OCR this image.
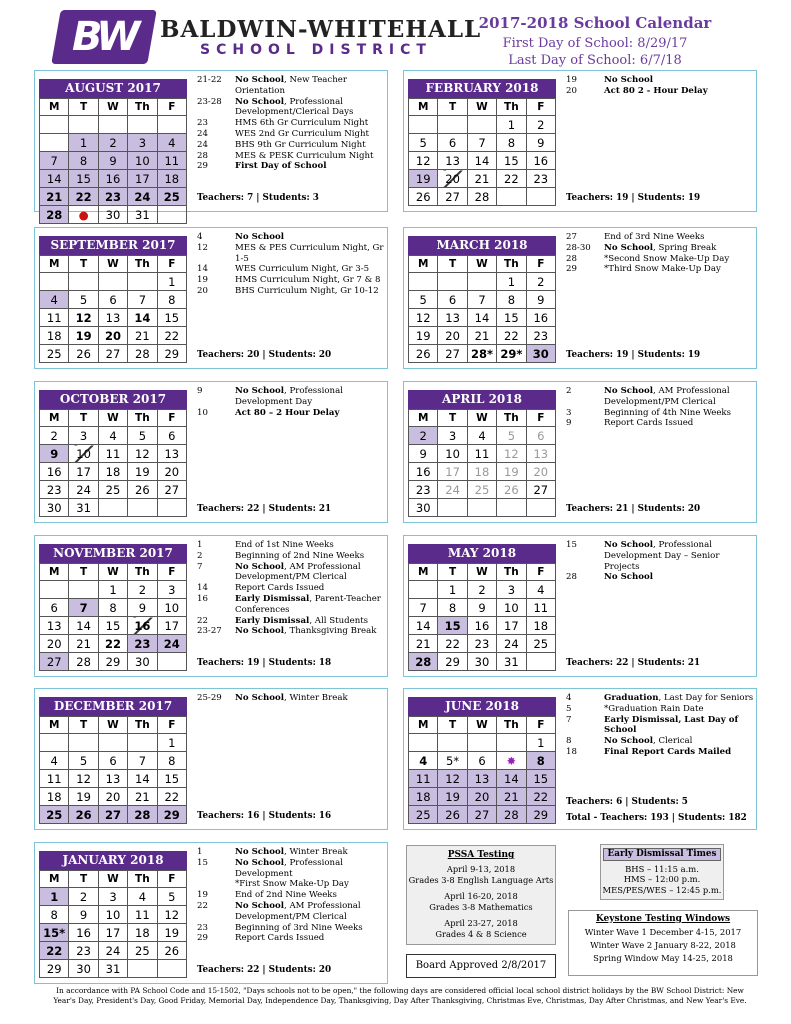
BW BALDWIN-WHITEHALL
SCHOOL DISTRICT
2017-2018 School Calendar
First Day of School: 8/29/17
Last Day of School: 6/7/18
AUGUST 2017
M	T	W	Th	F

	1	2	3	4
7	8	9	10	11
14	15	16	17	18
21	22	23	24	25
28	●	30	31	
21-22	No School, New Teacher Orientation
23-28	No School, Professional Development/Clerical Days
23	HMS 6th Gr Curriculum Night
24	WES 2nd Gr Curriculum Night
24	BHS 9th Gr Curriculum Night
28	MES & PESK Curriculum Night
29	First Day of School
Teachers: 7 | Students: 3
FEBRUARY 2018
M	T	W	Th	F
			1	2
5	6	7	8	9
12	13	14	15	16
19	20	21	22	23
26	27	28		
19	No School
20	Act 80 2 - Hour Delay
Teachers: 19 | Students: 19
SEPTEMBER 2017
M	T	W	Th	F
				1
4	5	6	7	8
11	12	13	14	15
18	19	20	21	22
25	26	27	28	29
4	No School
12	MES & PES Curriculum Night, Gr 1-5
14	WES Curriculum Night, Gr 3-5
19	HMS Curriculum Night, Gr 7 & 8
20	BHS Curriculum Night, Gr 10-12
Teachers: 20 | Students: 20
MARCH 2018
M	T	W	Th	F
			1	2
5	6	7	8	9
12	13	14	15	16
19	20	21	22	23
26	27	28*	29*	30
27	End of 3rd Nine Weeks
28-30	No School, Spring Break
28	*Second Snow Make-Up Day
29	*Third Snow Make-Up Day
Teachers: 19 | Students: 19
OCTOBER 2017
M	T	W	Th	F
2	3	4	5	6
9	10	11	12	13
16	17	18	19	20
23	24	25	26	27
30	31			
9	No School, Professional Development Day
10	Act 80 – 2 Hour Delay
Teachers: 22 | Students: 21
APRIL 2018
M	T	W	Th	F
2	3	4	5	6
9	10	11	12	13
16	17	18	19	20
23	24	25	26	27
30				
2	No School, AM Professional Development/PM Clerical
3	Beginning of 4th Nine Weeks
9	Report Cards Issued
Teachers: 21 | Students: 20
NOVEMBER 2017
M	T	W	Th	F
		1	2	3
6	7	8	9	10
13	14	15	16	17
20	21	22	23	24
27	28	29	30	
1	End of 1st Nine Weeks
2	Beginning of 2nd Nine Weeks
7	No School, AM Professional Development/PM Clerical
14	Report Cards Issued
16	Early Dismissal, Parent-Teacher Conferences
22	Early Dismissal, All Students
23-27	No School, Thanksgiving Break
Teachers: 19 | Students: 18
MAY 2018
M	T	W	Th	F
	1	2	3	4
7	8	9	10	11
14	15	16	17	18
21	22	23	24	25
28	29	30	31	
15	No School, Professional Development Day – Senior Projects
28	No School
Teachers: 22 | Students: 21
DECEMBER 2017
M	T	W	Th	F
				1
4	5	6	7	8
11	12	13	14	15
18	19	20	21	22
25	26	27	28	29
25-29	No School, Winter Break
Teachers: 16 | Students: 16
JUNE 2018
M	T	W	Th	F
				1
4	5*	6	✸	8
11	12	13	14	15
18	19	20	21	22
25	26	27	28	29
4	Graduation, Last Day for Seniors
5	*Graduation Rain Date
7	Early Dismissal, Last Day of School
8	No School, Clerical
18	Final Report Cards Mailed
Total - Teachers: 193 | Students: 182
Teachers: 6 | Students: 5
JANUARY 2018
M	T	W	Th	F
1	2	3	4	5
8	9	10	11	12
15*	16	17	18	19
22	23	24	25	26
29	30	31		
1	No School, Winter Break
15	No School, Professional Development
*First Snow Make-Up Day
19	End of 2nd Nine Weeks
22	No School, AM Professional Development/PM Clerical
23	Beginning of 3rd Nine Weeks
29	Report Cards Issued
Teachers: 22 | Students: 20
PSSA Testing
April 9-13, 2018
Grades 3-8 English Language Arts
April 16-20, 2018
Grades 3-8 Mathematics
April 23-27, 2018
Grades 4 & 8 Science
Board Approved 2/8/2017
Early Dismissal Times
BHS – 11:15 a.m.
HMS – 12:00 p.m.
MES/PES/WES – 12:45 p.m.
Keystone Testing Windows
Winter Wave 1 December 4-15, 2017
Winter Wave 2 January 8-22, 2018
Spring Window May 14-25, 2018
In accordance with PA School Code and 15-1502, "Days schools not to be open," the following days are considered official local school district holidays by the BW School District: New Year's Day, President's Day, Good Friday, Memorial Day, Independence Day, Thanksgiving, Day After Thanksgiving, Christmas Eve, Christmas, Day After Christmas, and New Year's Eve.
